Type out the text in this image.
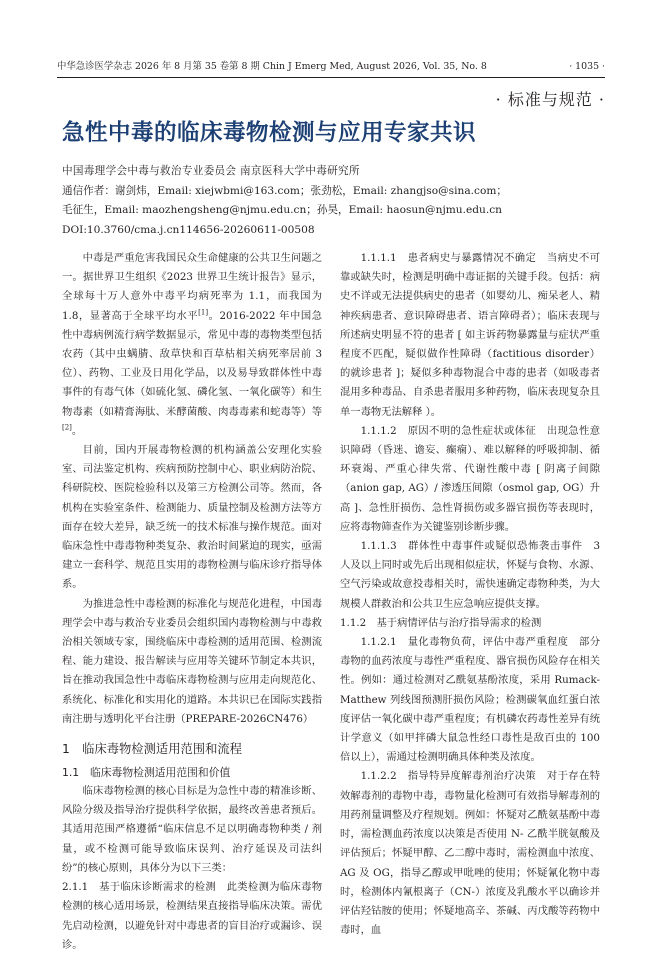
中华急诊医学杂志 2026 年 8 月第 35 卷第 8 期 Chin J Emerg Med, August 2026, Vol. 35, No. 8	· 1035 ·
· 标准与规范 ·
急性中毒的临床毒物检测与应用专家共识
中国毒理学会中毒与救治专业委员会 南京医科大学中毒研究所
通信作者：谢剑炜，Email: xiejwbmi@163.com；张劲松，Email: zhangjso@sina.com；
毛征生，Email: maozhengsheng@njmu.edu.cn；孙昊，Email: haosun@njmu.edu.cn
DOI:10.3760/cma.j.cn114656-20260611-00508

中毒是严重危害我国民众生命健康的公共卫生问题之一。据世界卫生组织《2023 世界卫生统计报告》显示，全球每十万人意外中毒平均病死率为 1.1，而我国为 1.8，显著高于全球平均水平[1]。2016-2022 年中国急性中毒病例流行病学数据显示，常见中毒的毒物类型包括农药（其中虫螨腈、敌草快和百草枯相关病死率居前 3 位）、药物、工业及日用化学品，以及易导致群体性中毒事件的有毒气体（如硫化氢、磷化氢、一氧化碳等）和生物毒素（如精膏海肽、米酵菌酸、肉毒毒素和蛇毒等）等[2]。

目前，国内开展毒物检测的机构涵盖公安理化实验室、司法鉴定机构、疾病预防控制中心、职业病防治院、科研院校、医院检验科以及第三方检测公司等。然而，各机构在实验室条件、检测能力、质量控制及检测方法等方面存在较大差异，缺乏统一的技术标准与操作规范。面对临床急性中毒毒物种类复杂、救治时间紧迫的现实，亟需建立一套科学、规范且实用的毒物检测与临床诊疗指导体系。

为推进急性中毒检测的标准化与规范化进程，中国毒理学会中毒与救治专业委员会组织国内毒物检测与中毒救治相关领域专家，围绕临床中毒检测的适用范围、检测流程、能力建设、报告解读与应用等关键环节制定本共识，旨在推动我国急性中毒临床毒物检测与应用走向规范化、系统化、标准化和实用化的道路。本共识已在国际实践指南注册与透明化平台注册（PREPARE-2026CN476）

1　临床毒物检测适用范围和流程
1.1　临床毒物检测适用范围和价值

临床毒物检测的核心目标是为急性中毒的精准诊断、风险分级及指导治疗提供科学依据，最终改善患者预后。其适用范围严格遵循“临床信息不足以明确毒物种类 / 剂量，或不检测可能导致临床误判、治疗延误及司法纠纷”的核心原则，具体分为以下三类：

2.1.1　基于临床诊断需求的检测　此类检测为临床毒物检测的核心适用场景，检测结果直接指导临床决策。需优先启动检测，以避免针对中毒患者的盲目治疗或漏诊、误诊。

1.1.1.1　患者病史与暴露情况不确定　当病史不可靠或缺失时，检测是明确中毒证据的关键手段。包括：病史不详或无法提供病史的患者（如婴幼儿、痴呆老人、精神疾病患者、意识障碍患者、语言障碍者）；临床表现与所述病史明显不符的患者 [ 如主诉药物暴露量与症状严重程度不匹配，疑似做作性障碍（factitious disorder）的就诊患者 ]；疑似多种毒物混合中毒的患者（如吸毒者混用多种毒品、自杀患者服用多种药物，临床表现复杂且单一毒物无法解释 ）。

1.1.1.2　原因不明的急性症状或体征　出现急性意识障碍（昏迷、谵妄、癫痫）、难以解释的呼吸抑制、循环衰竭、严重心律失常、代谢性酸中毒 [ 阴离子间隙（anion gap, AG）/ 渗透压间隙（osmol gap, OG）升高 ]、急性肝损伤、急性肾损伤或多器官损伤等表现时，应将毒物筛查作为关键鉴别诊断步骤。

1.1.1.3　群体性中毒事件或疑似恐怖袭击事件　3 人及以上同时或先后出现相似症状，怀疑与食物、水源、空气污染或故意投毒相关时，需快速确定毒物种类，为大规模人群救治和公共卫生应急响应提供支撑。

1.1.2　基于病情评估与治疗指导需求的检测

1.1.2.1　量化毒物负荷，评估中毒严重程度　部分毒物的血药浓度与毒性严重程度、器官损伤风险存在相关性。例如：通过检测对乙酰氨基酚浓度，采用 Rumack-Matthew 列线图预测肝损伤风险；检测碳氧血红蛋白浓度评估一氧化碳中毒严重程度；有机磷农药毒性差异有统计学意义（如甲拌磷大鼠急性经口毒性是敌百虫的 100 倍以上），需通过检测明确具体种类及浓度。

1.1.2.2　指导特异度解毒剂治疗决策　对于存在特效解毒剂的毒物中毒，毒物量化检测可有效指导解毒剂的用药剂量调整及疗程规划。例如：怀疑对乙酰氨基酚中毒时，需检测血药浓度以决策是否使用 N- 乙酰半胱氨酸及评估预后；怀疑甲醇、乙二醇中毒时，需检测血中浓度、AG 及 OG，指导乙醇或甲吡唑的使用；怀疑氰化物中毒时，检测体内氰根离子（CN-）浓度及乳酸水平以确诊并评估羟钴胺的使用；怀疑地高辛、茶碱、丙戊酸等药物中毒时，血
